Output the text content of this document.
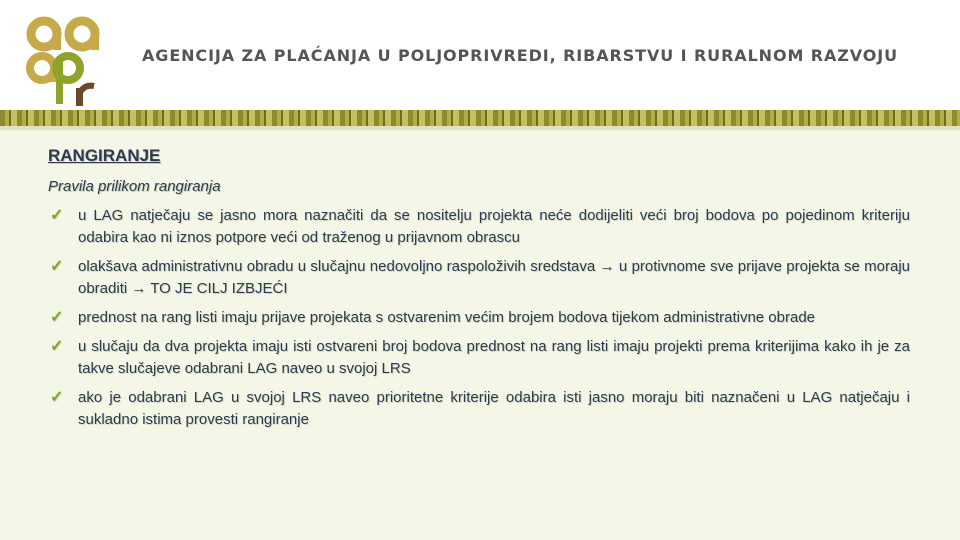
AGENCIJA ZA PLAĆANJA U POLJOPRIVREDI, RIBARSTVU I RURALNOM RAZVOJU
RANGIRANJE
Pravila prilikom rangiranja
✓ u LAG natječaju se jasno mora naznačiti da se nositelju projekta neće dodijeliti veći broj bodova po pojedinom kriteriju odabira kao ni iznos potpore veći od traženog u prijavnom obrascu
✓ olakšava administrativnu obradu u slučajnu nedovoljno raspoloživih sredstava → u protivnome sve prijave projekta se moraju obraditi → TO JE CILJ IZBJEĆI
✓ prednost na rang listi imaju prijave projekata s ostvarenim većim brojem bodova tijekom administrativne obrade
✓ u slučaju da dva projekta imaju isti ostvareni broj bodova prednost na rang listi imaju projekti prema kriterijima kako ih je za takve slučajeve odabrani LAG naveo u svojoj LRS
✓ ako je odabrani LAG u svojoj LRS naveo prioritetne kriterije odabira isti jasno moraju biti naznačeni u LAG natječaju i sukladno istima provesti rangiranje
